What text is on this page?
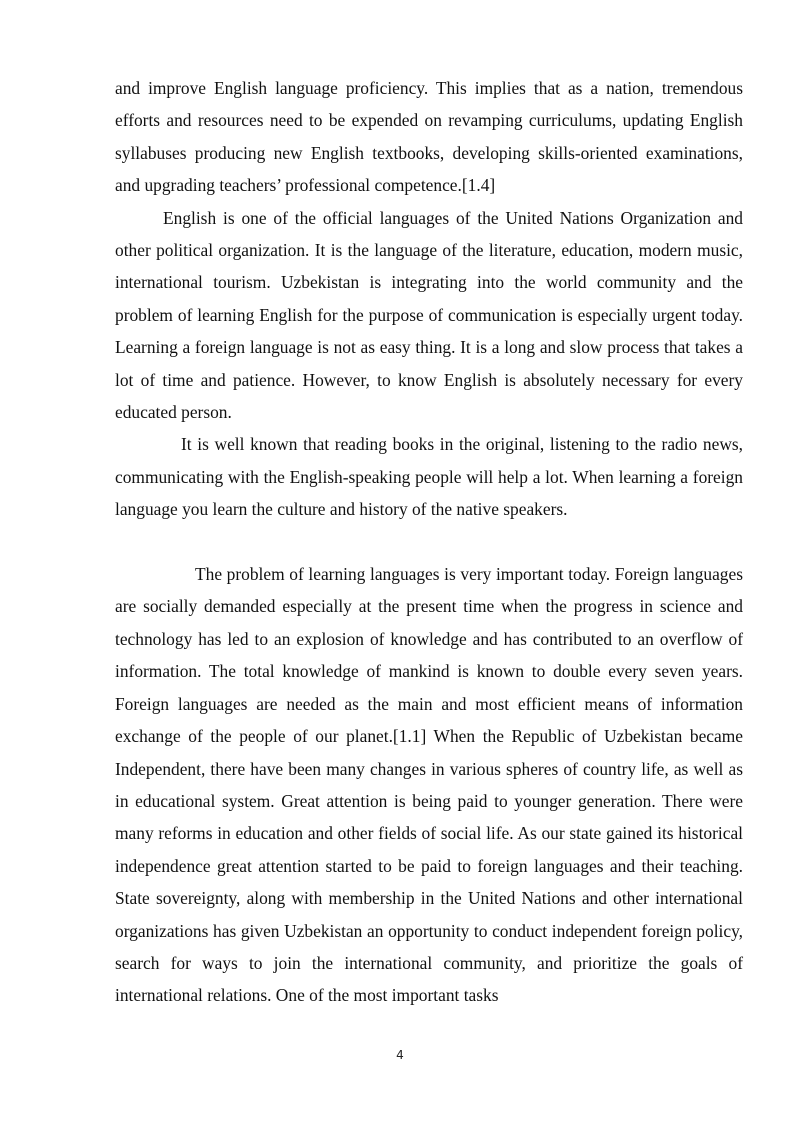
and improve English language proficiency. This implies that as a nation, tremendous efforts and resources need to be expended on revamping curriculums, updating English syllabuses producing new English textbooks, developing skills-oriented examinations, and upgrading teachers’ professional competence.[1.4]

English is one of the official languages of the United Nations Organization and other political organization. It is the language of the literature, education, modern music, international tourism. Uzbekistan is integrating into the world community and the problem of learning English for the purpose of communication is especially urgent today. Learning a foreign language is not as easy thing. It is a long and slow process that takes a lot of time and patience. However, to know English is absolutely necessary for every educated person.

It is well known that reading books in the original, listening to the radio news, communicating with the English-speaking people will help a lot. When learning a foreign language you learn the culture and history of the native speakers.

The problem of learning languages is very important today. Foreign languages are socially demanded especially at the present time when the progress in science and technology has led to an explosion of knowledge and has contributed to an overflow of information. The total knowledge of mankind is known to double every seven years. Foreign languages are needed as the main and most efficient means of information exchange of the people of our planet.[1.1] When the Republic of Uzbekistan became Independent, there have been many changes in various spheres of country life, as well as in educational system. Great attention is being paid to younger generation. There were many reforms in education and other fields of social life. As our state gained its historical independence great attention started to be paid to foreign languages and their teaching. State sovereignty, along with membership in the United Nations and other international organizations has given Uzbekistan an opportunity to conduct independent foreign policy, search for ways to join the international community, and prioritize the goals of international relations. One of the most important tasks

4
